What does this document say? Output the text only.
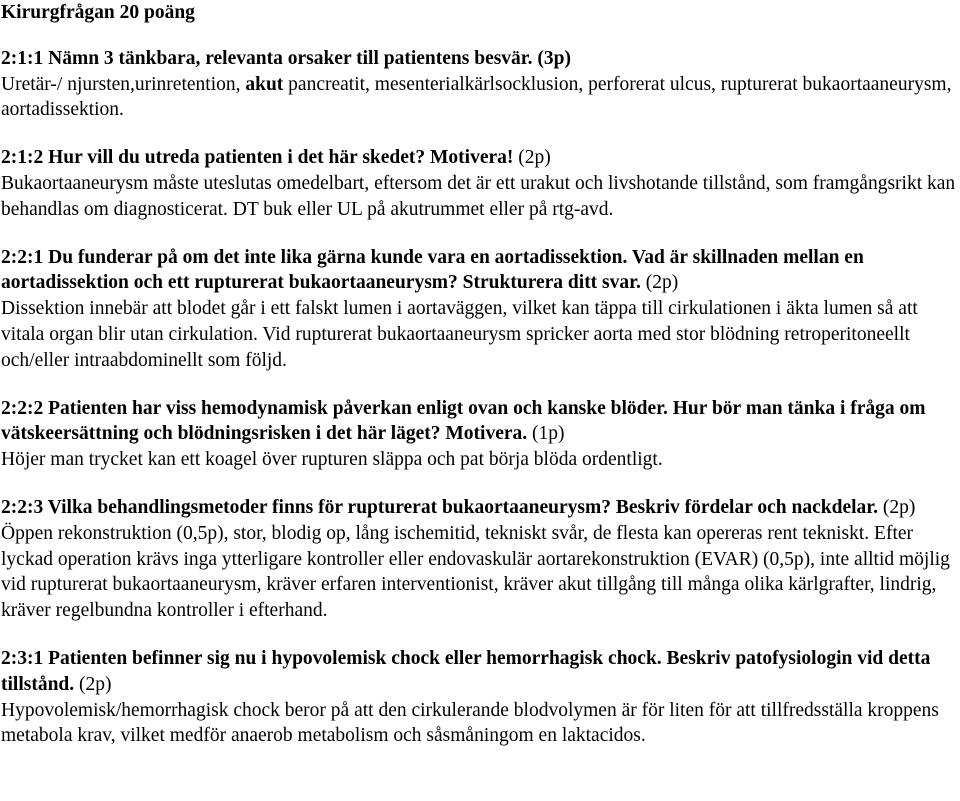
Kirurgfrågan 20 poäng

2:1:1 Nämn 3 tänkbara, relevanta orsaker till patientens besvär. (3p)

Uretär-/ njursten,urinretention, akut pancreatit, mesenterialkärlsocklusion, perforerat ulcus, rupturerat bukaortaaneurysm, aortadissektion.

2:1:2 Hur vill du utreda patienten i det här skedet? Motivera! (2p)

Bukaortaaneurysm måste uteslutas omedelbart, eftersom det är ett urakut och livshotande tillstånd, som framgångsrikt kan behandlas om diagnosticerat. DT buk eller UL på akutrummet eller på rtg-avd.

2:2:1 Du funderar på om det inte lika gärna kunde vara en aortadissektion. Vad är skillnaden mellan en aortadissektion och ett rupturerat bukaortaaneurysm? Strukturera ditt svar. (2p)

Dissektion innebär att blodet går i ett falskt lumen i aortaväggen, vilket kan täppa till cirkulationen i äkta lumen så att vitala organ blir utan cirkulation. Vid rupturerat bukaortaaneurysm spricker aorta med stor blödning retroperitoneellt och/eller intraabdominellt som följd.

2:2:2 Patienten har viss hemodynamisk påverkan enligt ovan och kanske blöder. Hur bör man tänka i fråga om vätskeersättning och blödningsrisken i det här läget? Motivera. (1p)

Höjer man trycket kan ett koagel över rupturen släppa och pat börja blöda ordentligt.

2:2:3 Vilka behandlingsmetoder finns för rupturerat bukaortaaneurysm? Beskriv fördelar och nackdelar. (2p)

Öppen rekonstruktion (0,5p), stor, blodig op, lång ischemitid, tekniskt svår, de flesta kan opereras rent tekniskt. Efter lyckad operation krävs inga ytterligare kontroller eller endovaskulär aortarekonstruktion (EVAR) (0,5p), inte alltid möjlig vid rupturerat bukaortaaneurysm, kräver erfaren interventionist, kräver akut tillgång till många olika kärlgrafter, lindrig, kräver regelbundna kontroller i efterhand.

2:3:1 Patienten befinner sig nu i hypovolemisk chock eller hemorrhagisk chock. Beskriv patofysiologin vid detta tillstånd. (2p)

Hypovolemisk/hemorrhagisk chock beror på att den cirkulerande blodvolymen är för liten för att tillfredsställa kroppens metabola krav, vilket medför anaerob metabolism och såsmåningom en laktacidos.
